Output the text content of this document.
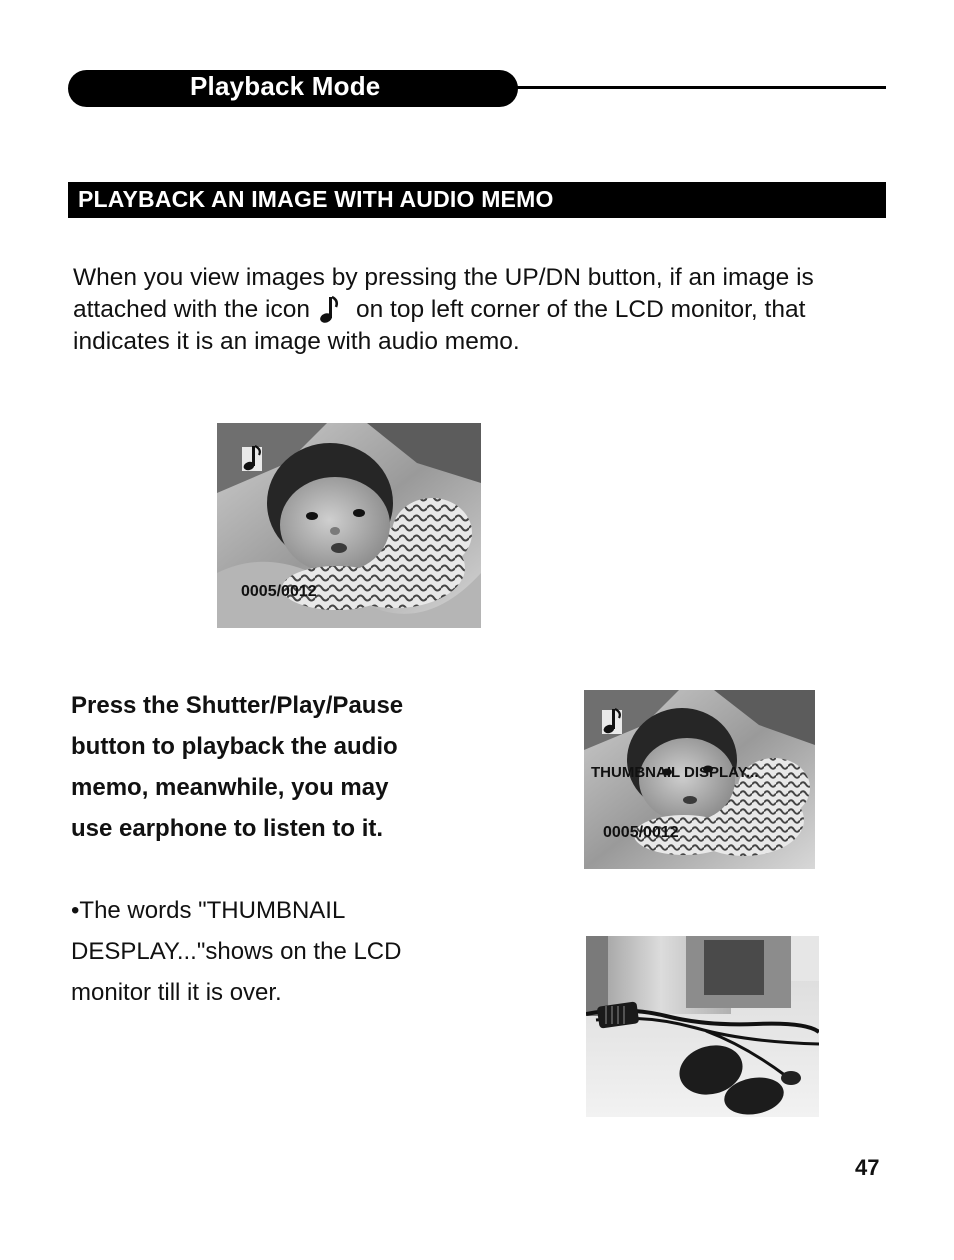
Playback Mode
PLAYBACK AN IMAGE WITH AUDIO MEMO
When you view images by pressing the UP/DN button, if an image is
attached with the icon on top left corner of the LCD monitor, that
indicates it is an image with audio memo.
0005/0012
THUMBNAIL DISPLAY...
0005/0012
Press the Shutter/Play/Pause
button to playback the audio
memo, meanwhile, you may
use earphone to listen to it.
•The words "THUMBNAIL
DESPLAY..."shows on the LCD
monitor till it is over.
47
